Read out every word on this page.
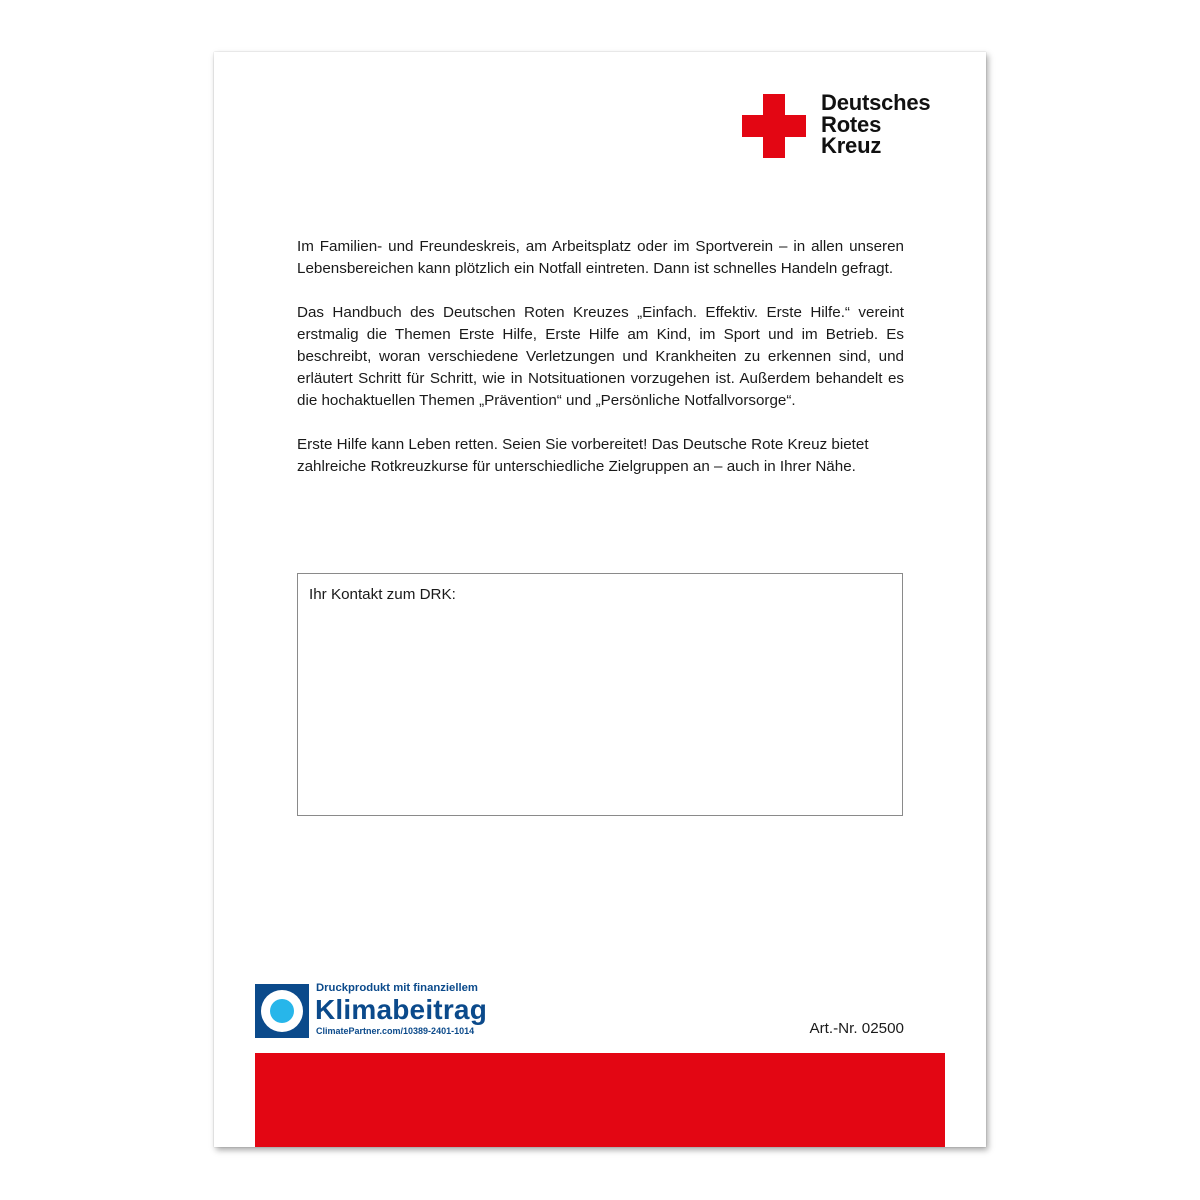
Deutsches
Rotes
Kreuz

Im Familien- und Freundeskreis, am Arbeitsplatz oder im Sportverein – in allen unseren Lebensbereichen kann plötzlich ein Notfall eintreten. Dann ist schnelles Handeln gefragt.

Das Handbuch des Deutschen Roten Kreuzes „Einfach. Effektiv. Erste Hilfe.“ vereint erstmalig die Themen Erste Hilfe, Erste Hilfe am Kind, im Sport und im Betrieb. Es beschreibt, woran verschiedene Verletzungen und Krankheiten zu erkennen sind, und erläutert Schritt für Schritt, wie in Notsituationen vorzugehen ist. Außerdem behandelt es die hochaktuellen Themen „Prävention“ und „Persönliche Notfallvorsorge“.

Erste Hilfe kann Leben retten. Seien Sie vorbereitet! Das Deutsche Rote Kreuz bietet zahlreiche Rotkreuzkurse für unterschiedliche Zielgruppen an – auch in Ihrer Nähe.

Ihr Kontakt zum DRK:
Druckprodukt mit finanziellem
Klimabeitrag
ClimatePartner.com/10389-2401-1014	Art.-Nr. 02500
